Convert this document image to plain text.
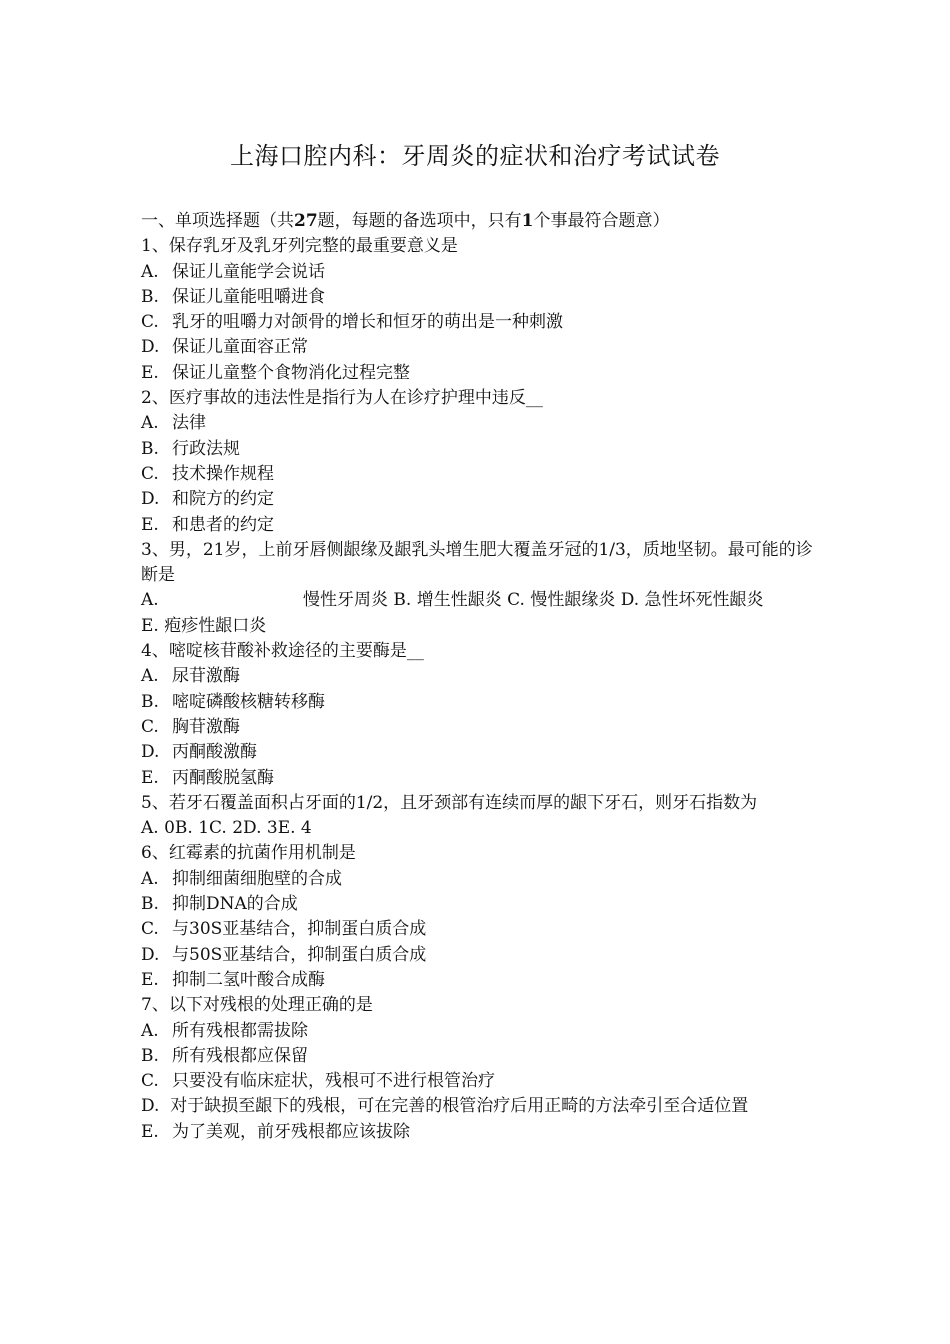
上海口腔内科：牙周炎的症状和治疗考试试卷
一、单项选择题（共27题，每题的备选项中，只有1个事最符合题意）
1、保存乳牙及乳牙列完整的最重要意义是
A. 保证儿童能学会说话
B. 保证儿童能咀嚼进食
C. 乳牙的咀嚼力对颌骨的增长和恒牙的萌出是一种刺激
D. 保证儿童面容正常
E. 保证儿童整个食物消化过程完整
2、医疗事故的违法性是指行为人在诊疗护理中违反__
A. 法律
B. 行政法规
C. 技术操作规程
D. 和院方的约定
E. 和患者的约定
3、男，21岁，上前牙唇侧龈缘及龈乳头增生肥大覆盖牙冠的1/3，质地坚韧。最可能的诊断是
A.	慢性牙周炎 B. 增生性龈炎 C. 慢性龈缘炎 D. 急性坏死性龈炎
E. 疱疹性龈口炎
4、嘧啶核苷酸补救途径的主要酶是__
A. 尿苷激酶
B. 嘧啶磷酸核糖转移酶
C. 胸苷激酶
D. 丙酮酸激酶
E. 丙酮酸脱氢酶
5、若牙石覆盖面积占牙面的1/2，且牙颈部有连续而厚的龈下牙石，则牙石指数为
A. 0B. 1C. 2D. 3E. 4
6、红霉素的抗菌作用机制是
A. 抑制细菌细胞壁的合成
B. 抑制DNA的合成
C. 与30S亚基结合，抑制蛋白质合成
D. 与50S亚基结合，抑制蛋白质合成
E. 抑制二氢叶酸合成酶
7、以下对残根的处理正确的是
A. 所有残根都需拔除
B. 所有残根都应保留
C. 只要没有临床症状，残根可不进行根管治疗
D. 对于缺损至龈下的残根，可在完善的根管治疗后用正畸的方法牵引至合适位置
E. 为了美观，前牙残根都应该拔除
